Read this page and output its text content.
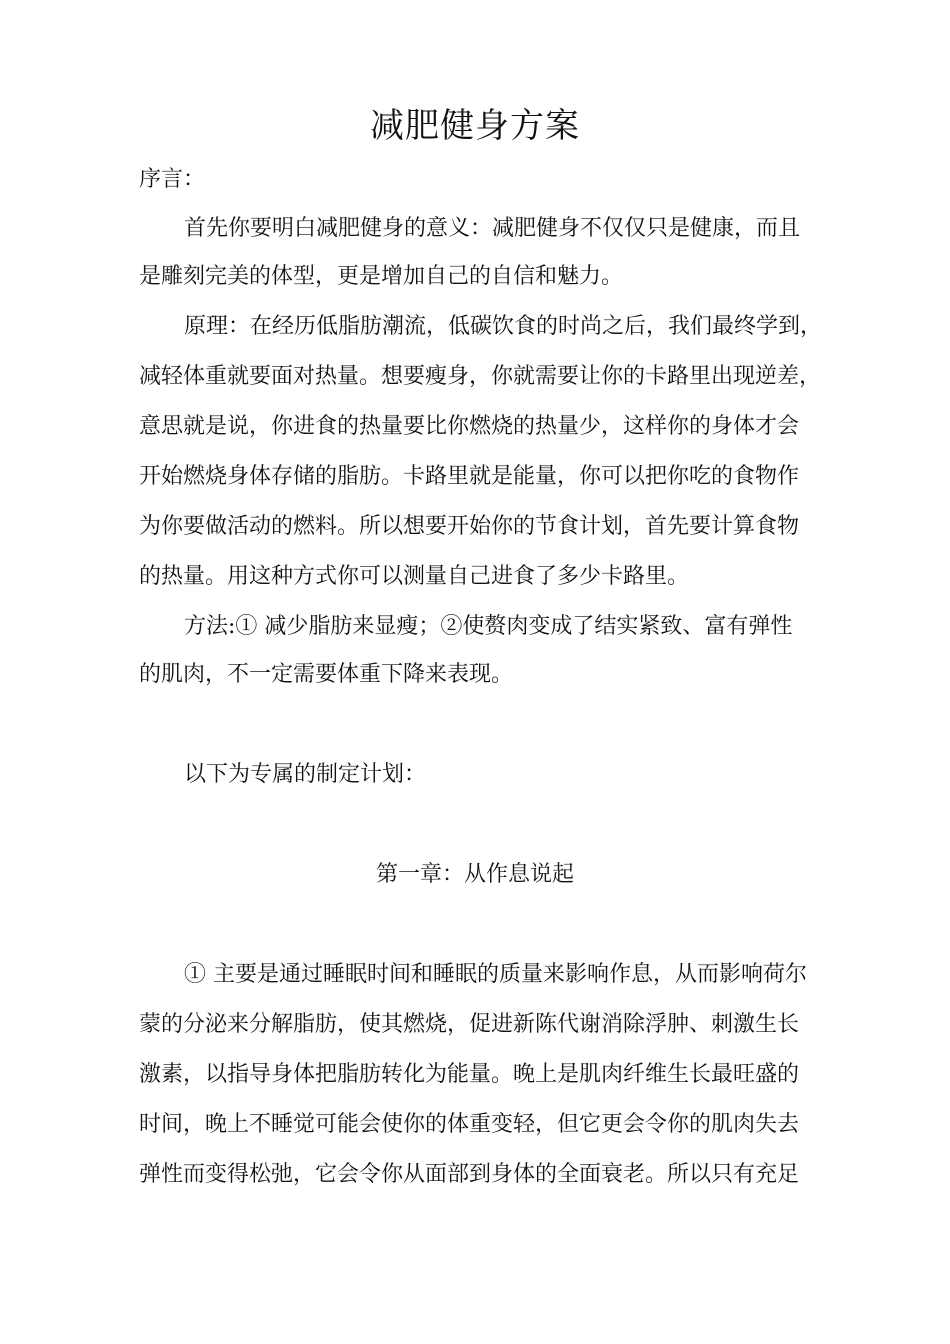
减肥健身方案
序言：
首先你要明白减肥健身的意义：减肥健身不仅仅只是健康，而且
是雕刻完美的体型，更是增加自己的自信和魅力。
原理：在经历低脂肪潮流，低碳饮食的时尚之后，我们最终学到，
减轻体重就要面对热量。想要瘦身，你就需要让你的卡路里出现逆差，
意思就是说，你进食的热量要比你燃烧的热量少，这样你的身体才会
开始燃烧身体存储的脂肪。卡路里就是能量，你可以把你吃的食物作
为你要做活动的燃料。所以想要开始你的节食计划，首先要计算食物
的热量。用这种方式你可以测量自己进食了多少卡路里。
方法:① 减少脂肪来显瘦；②使赘肉变成了结实紧致、富有弹性
的肌肉，不一定需要体重下降来表现。
以下为专属的制定计划：
第一章：从作息说起
① 主要是通过睡眠时间和睡眠的质量来影响作息，从而影响荷尔
蒙的分泌来分解脂肪，使其燃烧，促进新陈代谢消除浮肿、刺激生长
激素，以指导身体把脂肪转化为能量。晚上是肌肉纤维生长最旺盛的
时间，晚上不睡觉可能会使你的体重变轻，但它更会令你的肌肉失去
弹性而变得松弛，它会令你从面部到身体的全面衰老。所以只有充足
